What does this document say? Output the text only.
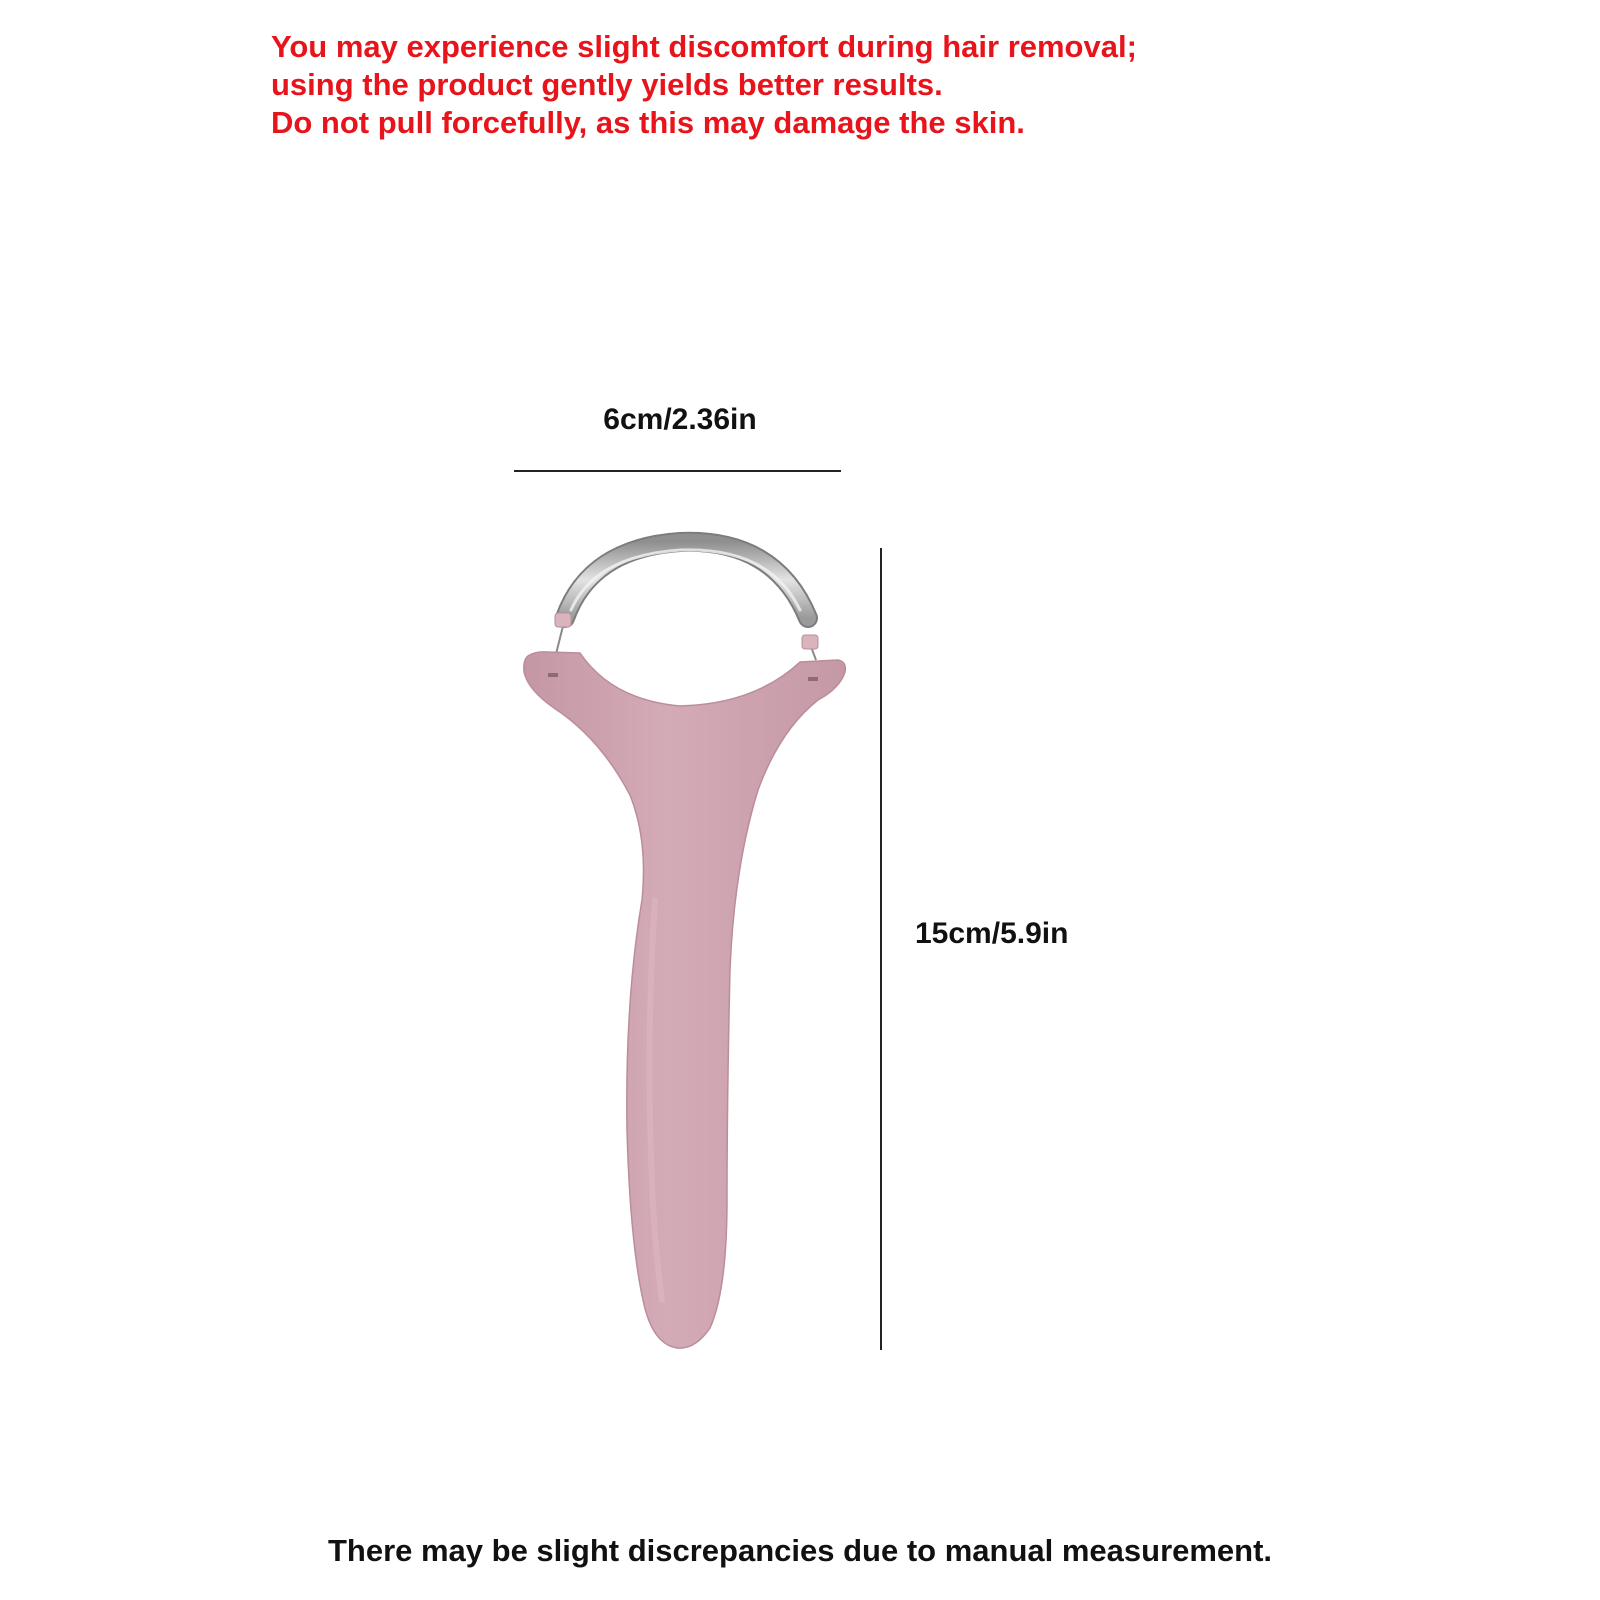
You may experience slight discomfort during hair removal;
using the product gently yields better results.
Do not pull forcefully, as this may damage the skin.
6cm/2.36in
15cm/5.9in
There may be slight discrepancies due to manual measurement.
